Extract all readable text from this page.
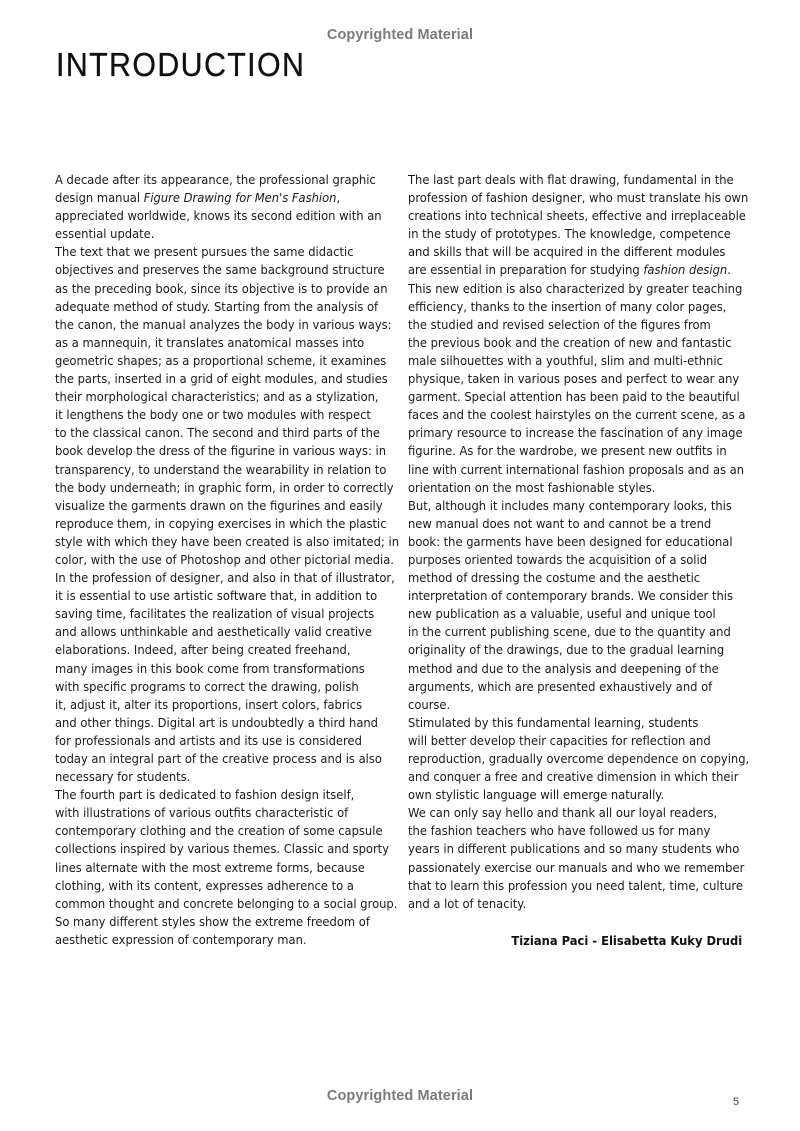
Copyrighted Material
INTRODUCTION
A decade after its appearance, the professional graphic
design manual Figure Drawing for Men's Fashion,
appreciated worldwide, knows its second edition with an
essential update.
The text that we present pursues the same didactic
objectives and preserves the same background structure
as the preceding book, since its objective is to provide an
adequate method of study. Starting from the analysis of
the canon, the manual analyzes the body in various ways:
as a mannequin, it translates anatomical masses into
geometric shapes; as a proportional scheme, it examines
the parts, inserted in a grid of eight modules, and studies
their morphological characteristics; and as a stylization,
it lengthens the body one or two modules with respect
to the classical canon. The second and third parts of the
book develop the dress of the figurine in various ways: in
transparency, to understand the wearability in relation to
the body underneath; in graphic form, in order to correctly
visualize the garments drawn on the figurines and easily
reproduce them, in copying exercises in which the plastic
style with which they have been created is also imitated; in
color, with the use of Photoshop and other pictorial media.
In the profession of designer, and also in that of illustrator,
it is essential to use artistic software that, in addition to
saving time, facilitates the realization of visual projects
and allows unthinkable and aesthetically valid creative
elaborations. Indeed, after being created freehand,
many images in this book come from transformations
with specific programs to correct the drawing, polish
it, adjust it, alter its proportions, insert colors, fabrics
and other things. Digital art is undoubtedly a third hand
for professionals and artists and its use is considered
today an integral part of the creative process and is also
necessary for students.
The fourth part is dedicated to fashion design itself,
with illustrations of various outfits characteristic of
contemporary clothing and the creation of some capsule
collections inspired by various themes. Classic and sporty
lines alternate with the most extreme forms, because
clothing, with its content, expresses adherence to a
common thought and concrete belonging to a social group.
So many different styles show the extreme freedom of
aesthetic expression of contemporary man.
The last part deals with flat drawing, fundamental in the
profession of fashion designer, who must translate his own
creations into technical sheets, effective and irreplaceable
in the study of prototypes. The knowledge, competence
and skills that will be acquired in the different modules
are essential in preparation for studying fashion design.
This new edition is also characterized by greater teaching
efficiency, thanks to the insertion of many color pages,
the studied and revised selection of the figures from
the previous book and the creation of new and fantastic
male silhouettes with a youthful, slim and multi-ethnic
physique, taken in various poses and perfect to wear any
garment. Special attention has been paid to the beautiful
faces and the coolest hairstyles on the current scene, as a
primary resource to increase the fascination of any image
figurine. As for the wardrobe, we present new outfits in
line with current international fashion proposals and as an
orientation on the most fashionable styles.
But, although it includes many contemporary looks, this
new manual does not want to and cannot be a trend
book: the garments have been designed for educational
purposes oriented towards the acquisition of a solid
method of dressing the costume and the aesthetic
interpretation of contemporary brands. We consider this
new publication as a valuable, useful and unique tool
in the current publishing scene, due to the quantity and
originality of the drawings, due to the gradual learning
method and due to the analysis and deepening of the
arguments, which are presented exhaustively and of
course.
Stimulated by this fundamental learning, students
will better develop their capacities for reflection and
reproduction, gradually overcome dependence on copying,
and conquer a free and creative dimension in which their
own stylistic language will emerge naturally.
We can only say hello and thank all our loyal readers,
the fashion teachers who have followed us for many
years in different publications and so many students who
passionately exercise our manuals and who we remember
that to learn this profession you need talent, time, culture
and a lot of tenacity.
Tiziana Paci - Elisabetta Kuky Drudi
Copyrighted Material	5
